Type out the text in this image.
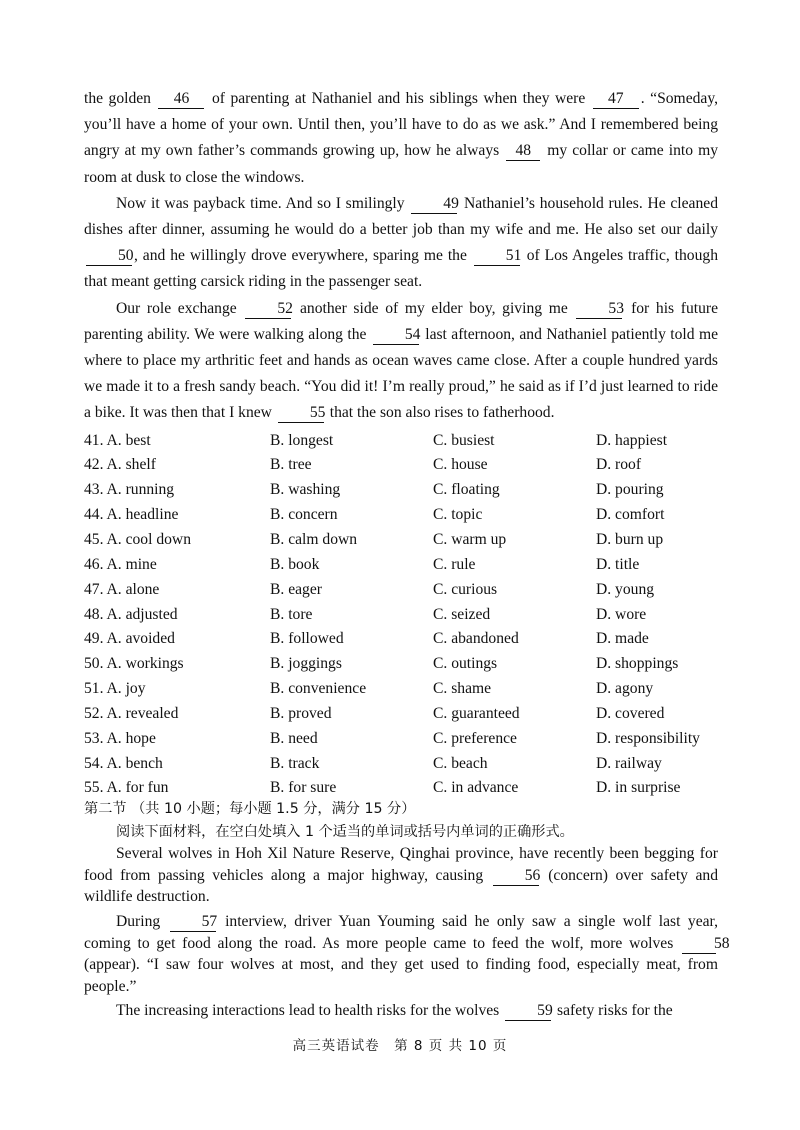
the golden 46 of parenting at Nathaniel and his siblings when they were 47 . “Someday, you’ll have a home of your own. Until then, you’ll have to do as we ask.” And I remembered being angry at my own father’s commands growing up, how he always 48 my collar or came into my room at dusk to close the windows.

Now it was payback time. And so I smilingly 49 Nathaniel’s household rules. He cleaned dishes after dinner, assuming he would do a better job than my wife and me. He also set our daily 50, and he willingly drove everywhere, sparing me the 51 of Los Angeles traffic, though that meant getting carsick riding in the passenger seat.

Our role exchange 52 another side of my elder boy, giving me 53 for his future parenting ability. We were walking along the 54 last afternoon, and Nathaniel patiently told me where to place my arthritic feet and hands as ocean waves came close. After a couple hundred yards we made it to a fresh sandy beach. “You did it! I’m really proud,” he said as if I’d just learned to ride a bike. It was then that I knew 55 that the son also rises to fatherhood.

41. A. best	B. longest	C. busiest	D. happiest
42. A. shelf	B. tree	C. house	D. roof
43. A. running	B. washing	C. floating	D. pouring
44. A. headline	B. concern	C. topic	D. comfort
45. A. cool down	B. calm down	C. warm up	D. burn up
46. A. mine	B. book	C. rule	D. title
47. A. alone	B. eager	C. curious	D. young
48. A. adjusted	B. tore	C. seized	D. wore
49. A. avoided	B. followed	C. abandoned	D. made
50. A. workings	B. joggings	C. outings	D. shoppings
51. A. joy	B. convenience	C. shame	D. agony
52. A. revealed	B. proved	C. guaranteed	D. covered
53. A. hope	B. need	C. preference	D. responsibility
54. A. bench	B. track	C. beach	D. railway
55. A. for fun	B. for sure	C. in advance	D. in surprise
第二节 （共 10 小题；每小题 1.5 分，满分 15 分）
阅读下面材料，在空白处填入 1 个适当的单词或括号内单词的正确形式。

Several wolves in Hoh Xil Nature Reserve, Qinghai province, have recently been begging for food from passing vehicles along a major highway, causing 56 (concern) over safety and wildlife destruction.

During 57 interview, driver Yuan Youming said he only saw a single wolf last year, coming to get food along the road. As more people came to feed the wolf, more wolves 58 (appear). “I saw four wolves at most, and they get used to finding food, especially meat, from people.”

The increasing interactions lead to health risks for the wolves 59 safety risks for the

高三英语试卷　第 8 页 共 10 页
